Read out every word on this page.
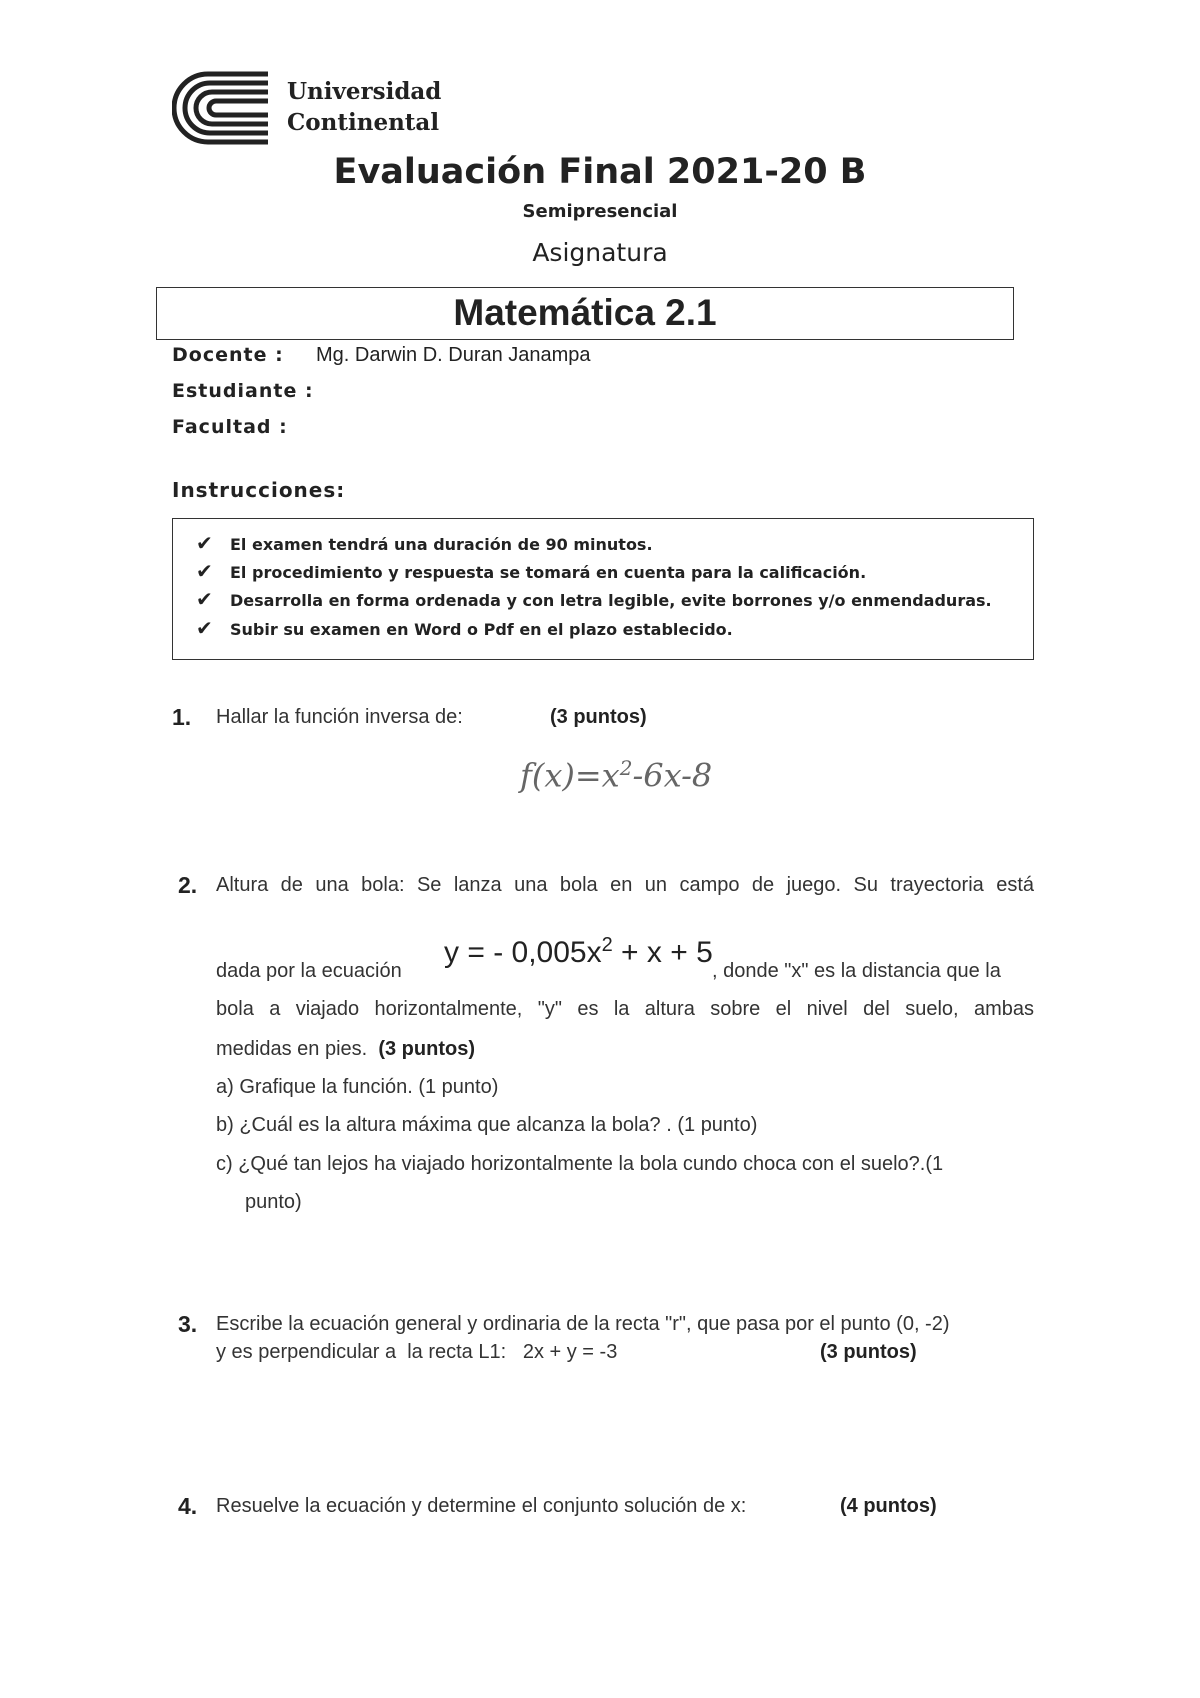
Universidad
Continental
Evaluación Final 2021-20 B
Semipresencial
Asignatura
Matemática 2.1
Docente : Mg. Darwin D. Duran Janampa
Estudiante :
Facultad :
Instrucciones:
✔ El examen tendrá una duración de 90 minutos.
✔ El procedimiento y respuesta se tomará en cuenta para la calificación.
✔ Desarrolla en forma ordenada y con letra legible, evite borrones y/o enmendaduras.
✔ Subir su examen en Word o Pdf en el plazo establecido.
1. Hallar la función inversa de:	(3 puntos)
$f(x)=x^2-6x-8$
2. Altura de una bola: Se lanza una bola en un campo de juego. Su trayectoria está
dada por la ecuación
y = - $0,005x^2 + x + 5$
, donde "x" es la distancia que la
bola a viajado horizontalmente, "y" es la altura sobre el nivel del suelo, ambas
medidas en pies. (3 puntos)
a) Grafique la función. (1 punto)
b) ¿Cuál es la altura máxima que alcanza la bola? . (1 punto)
c) ¿Qué tan lejos ha viajado horizontalmente la bola cundo choca con el suelo?.(1
punto)
3. Escribe la ecuación general y ordinaria de la recta "r", que pasa por el punto (0, -2)
y es perpendicular a  la recta L1:   2x + y = -3	(3 puntos)
4. Resuelve la ecuación y determine el conjunto solución de x:	(4 puntos)
